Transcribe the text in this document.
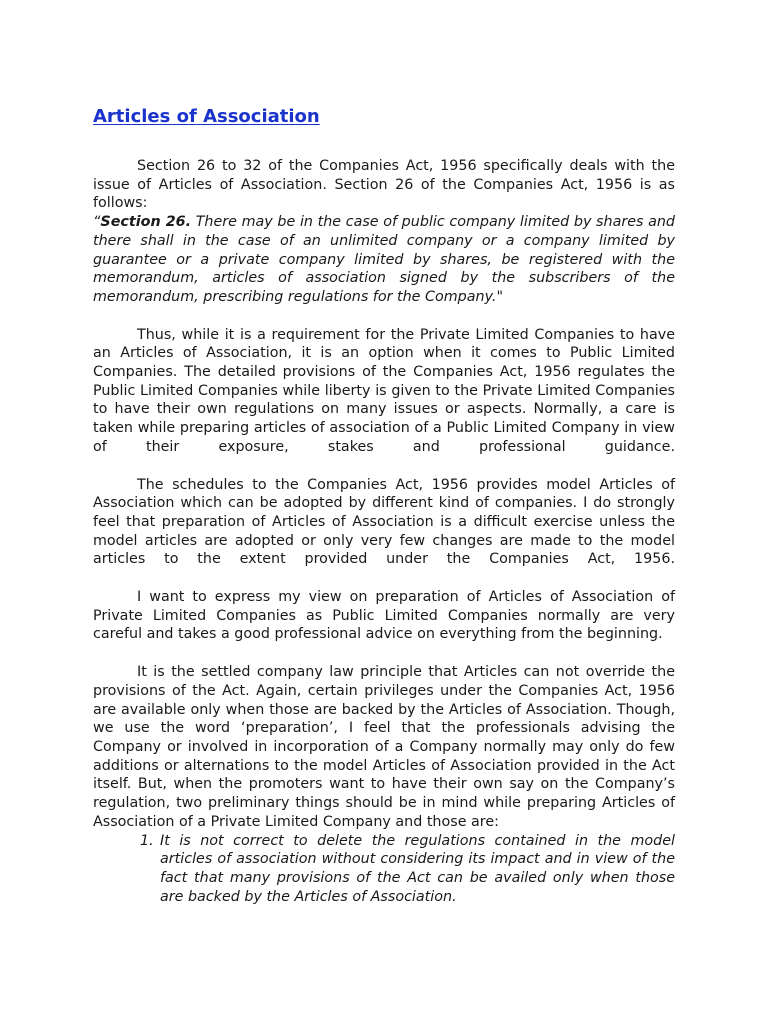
Articles of Association

Section 26 to 32 of the Companies Act, 1956 specifically deals with the issue of Articles of Association. Section 26 of the Companies Act, 1956 is as follows:

“Section 26. There may be in the case of public company limited by shares and there shall in the case of an unlimited company or a company limited by guarantee or a private company limited by shares, be registered with the memorandum, articles of association signed by the subscribers of the memorandum, prescribing regulations for the Company."

Thus, while it is a requirement for the Private Limited Companies to have an Articles of Association, it is an option when it comes to Public Limited Companies. The detailed provisions of the Companies Act, 1956 regulates the Public Limited Companies while liberty is given to the Private Limited Companies to have their own regulations on many issues or aspects. Normally, a care is taken while preparing articles of association of a Public Limited Company in view of their exposure, stakes and professional guidance.

The schedules to the Companies Act, 1956 provides model Articles of Association which can be adopted by different kind of companies. I do strongly feel that preparation of Articles of Association is a difficult exercise unless the model articles are adopted or only very few changes are made to the model articles to the extent provided under the Companies Act, 1956.

I want to express my view on preparation of Articles of Association of Private Limited Companies as Public Limited Companies normally are very careful and takes a good professional advice on everything from the beginning.

It is the settled company law principle that Articles can not override the provisions of the Act. Again, certain privileges under the Companies Act, 1956 are available only when those are backed by the Articles of Association. Though, we use the word ‘preparation’, I feel that the professionals advising the Company or involved in incorporation of a Company normally may only do few additions or alternations to the model Articles of Association provided in the Act itself. But, when the promoters want to have their own say on the Company’s regulation, two preliminary things should be in mind while preparing Articles of Association of a Private Limited Company and those are:

1. It is not correct to delete the regulations contained in the model articles of association without considering its impact and in view of the fact that many provisions of the Act can be availed only when those are backed by the Articles of Association.
